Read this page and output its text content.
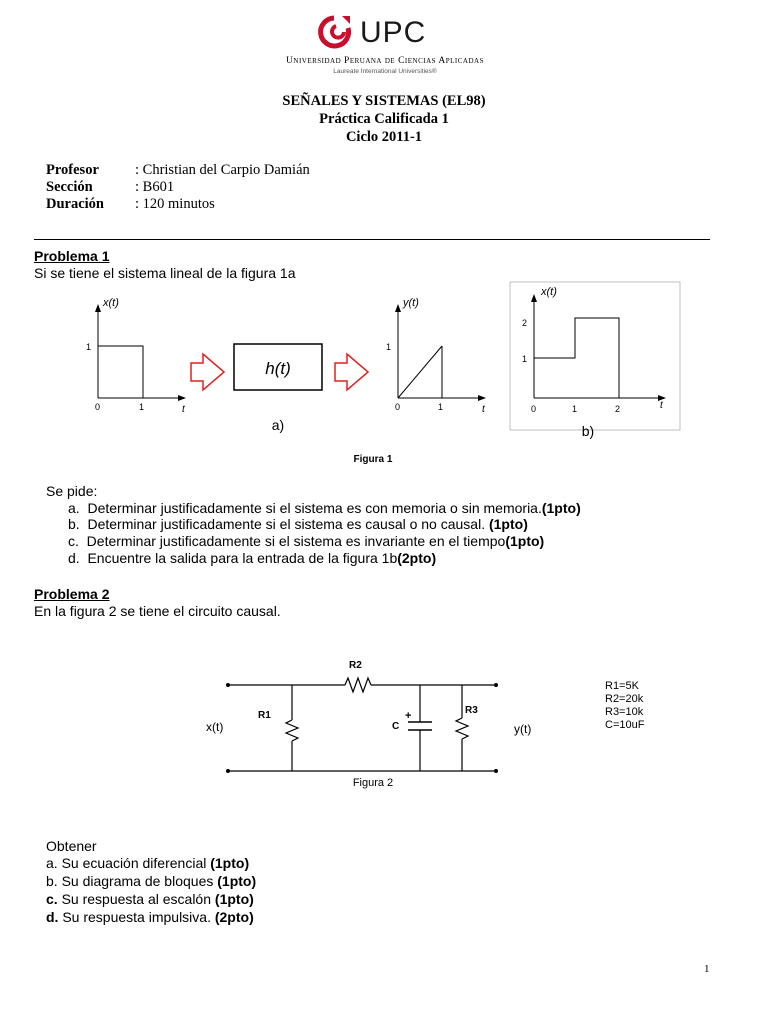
UPC
Universidad Peruana de Ciencias Aplicadas
Laureate International Universities®
SEÑALES Y SISTEMAS (EL98)
Práctica Calificada 1
Ciclo 2011-1
Profesor : Christian del Carpio Damián
Sección	: B601
Duración : 120 minutos
Problema 1
Si se tiene el sistema lineal de la figura 1a
x(t)
1
0	1	t
h(t)
y(t)
1
0	1	t
a)
x(t)
2
1
0	1	2	t
b)
Figura 1
Se pide:
a. Determinar justificadamente si el sistema es con memoria o sin memoria.(1pto)
b. Determinar justificadamente si el sistema es causal o no causal. (1pto)
c. Determinar justificadamente si el sistema es invariante en el tiempo(1pto)
d. Encuentre la salida para la entrada de la figura 1b(2pto)
Problema 2
En la figura 2 se tiene el circuito causal.
R2
R1
C
+	R3
x(t)	y(t)
R1=5K
R2=20k
R3=10k
C=10uF
Figura 2
Obtener
a. Su ecuación diferencial (1pto)
b. Su diagrama de bloques (1pto)
c. Su respuesta al escalón (1pto)
d. Su respuesta impulsiva. (2pto)
1
